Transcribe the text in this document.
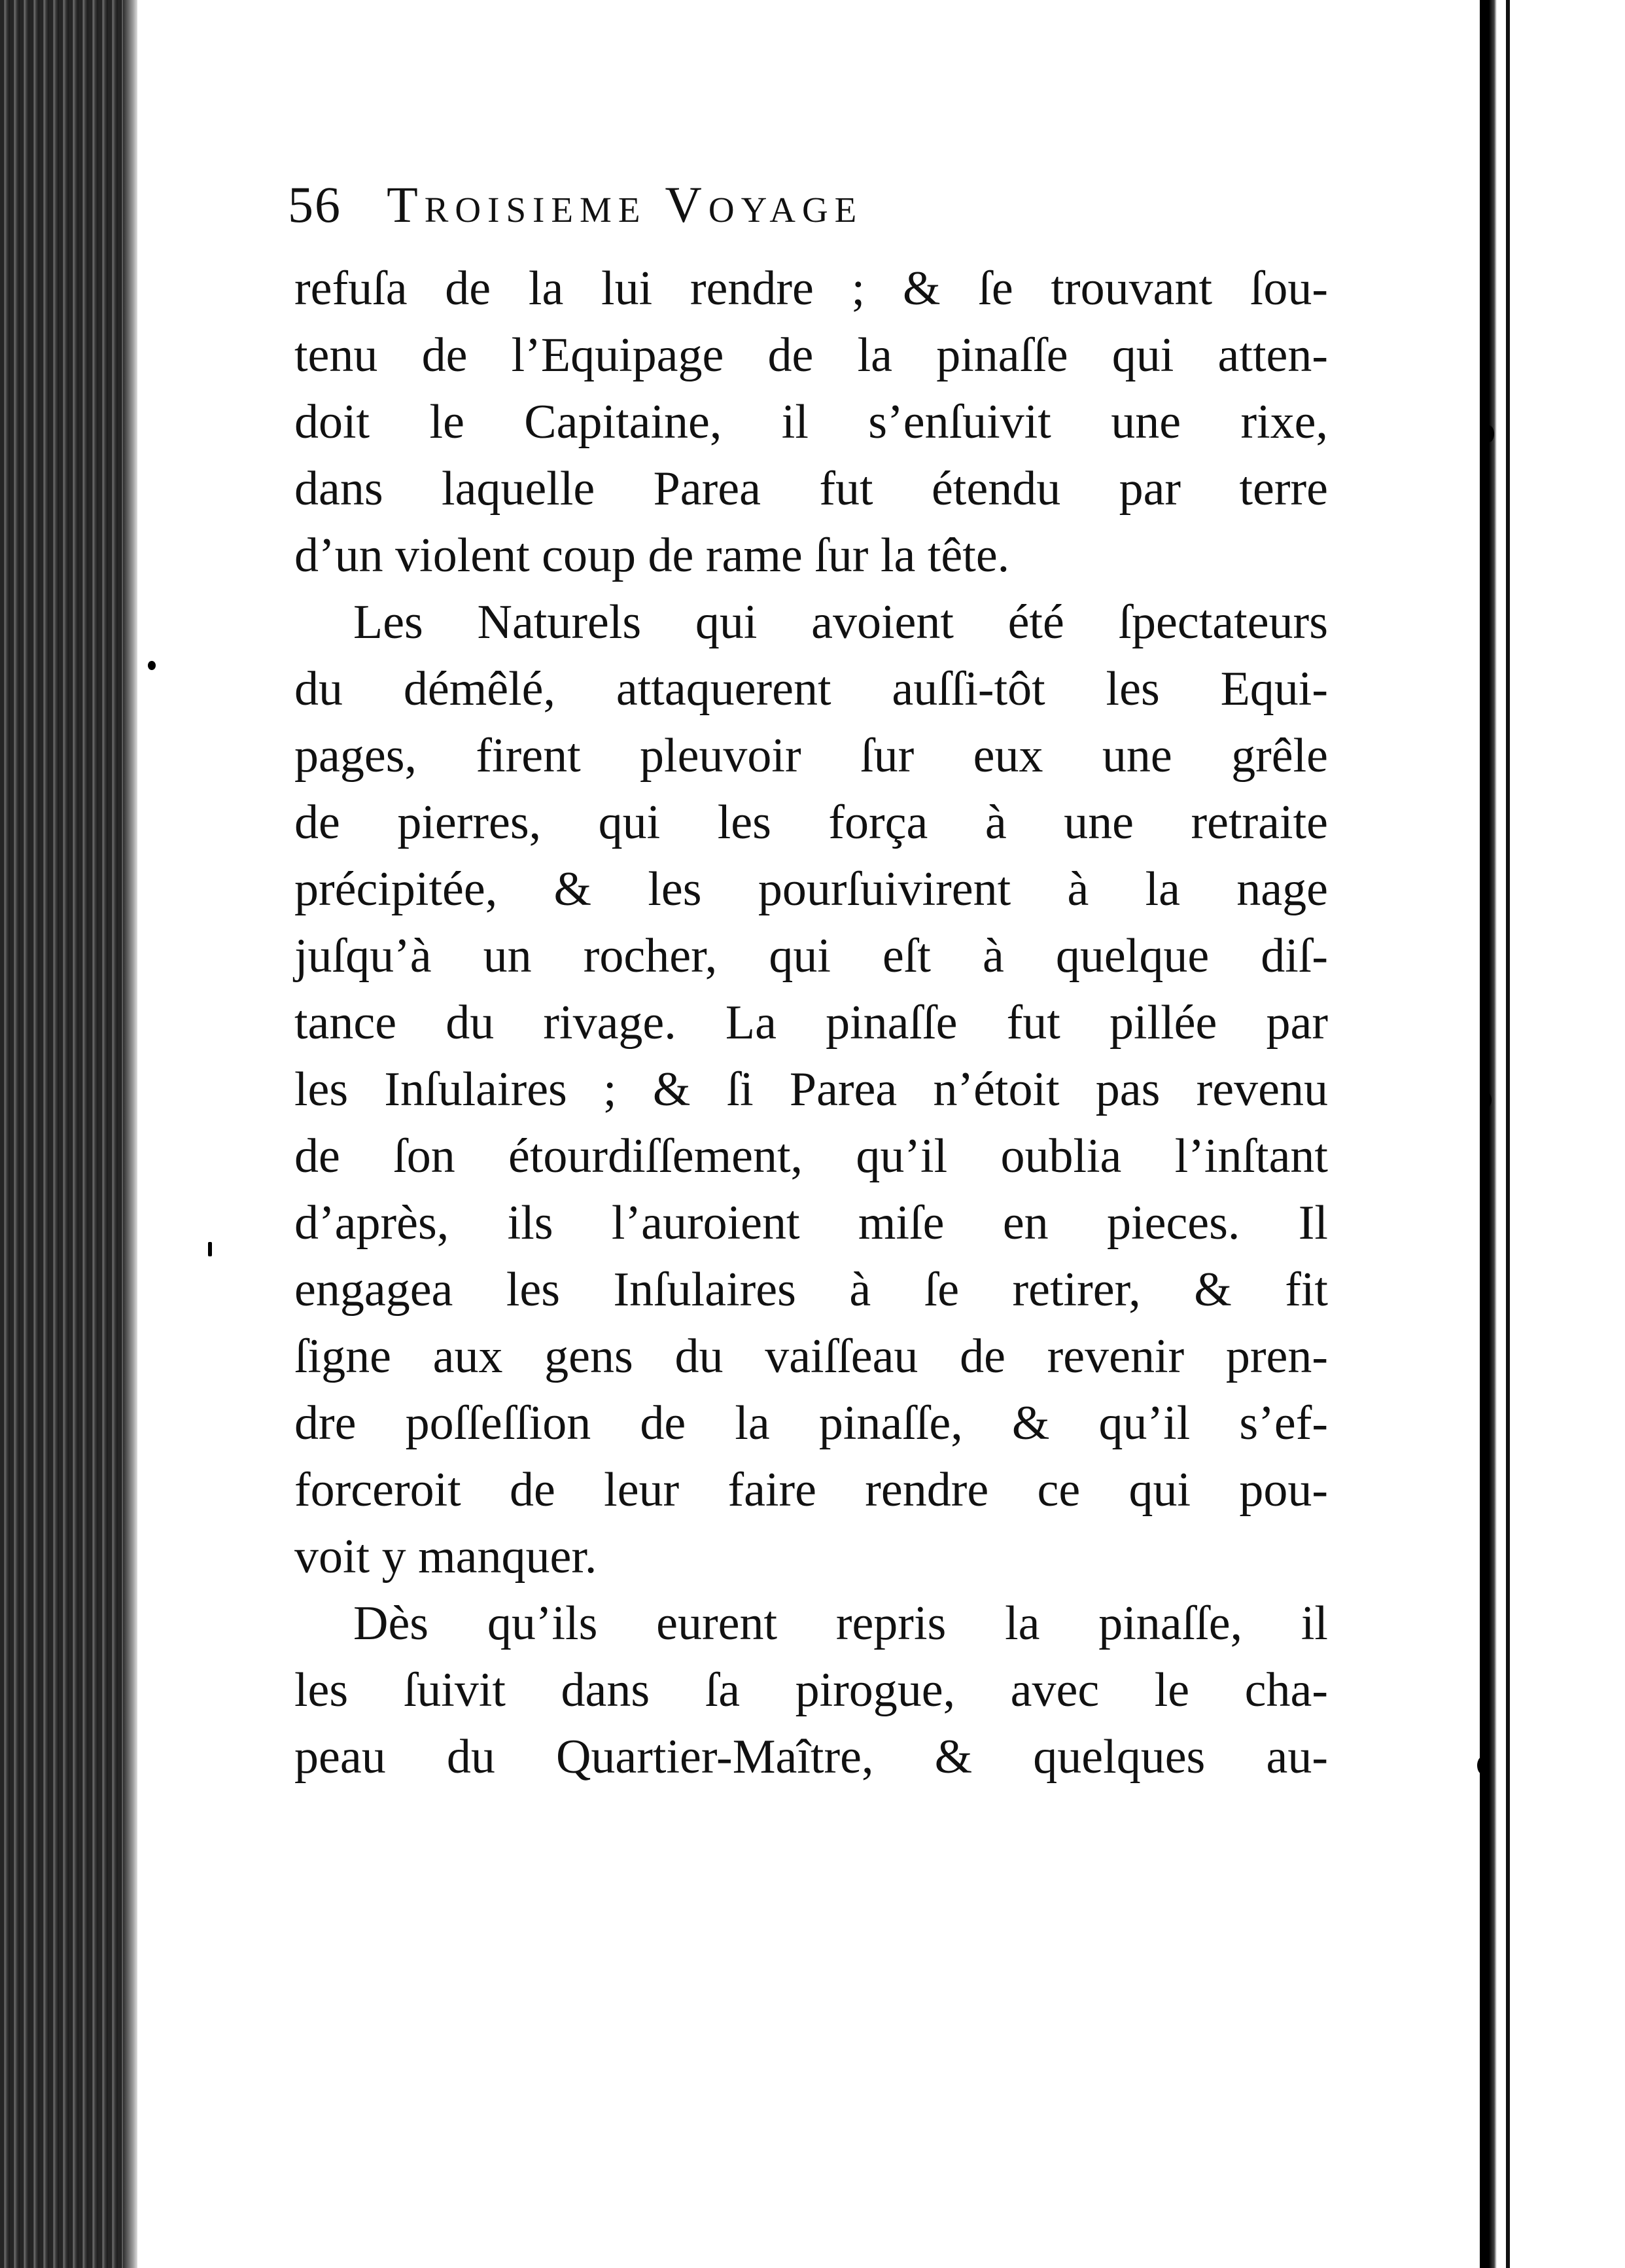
56 Troisieme Voyage
refuſa de la lui rendre ; & ſe trouvant ſou-
tenu de l’Equipage de la pinaſſe qui atten-
doit le Capitaine, il s’enſuivit une rixe,
dans laquelle Parea fut étendu par terre
d’un violent coup de rame ſur la tête.
Les Naturels qui avoient été ſpectateurs
du démêlé, attaquerent auſſi-tôt les Equi-
pages, firent pleuvoir ſur eux une grêle
de pierres, qui les força à une retraite
précipitée, & les pourſuivirent à la nage
juſqu’à un rocher, qui eſt à quelque diſ-
tance du rivage. La pinaſſe fut pillée par
les Inſulaires ; & ſi Parea n’étoit pas revenu
de ſon étourdiſſement, qu’il oublia l’inſtant
d’après, ils l’auroient miſe en pieces. Il
engagea les Inſulaires à ſe retirer, & fit
ſigne aux gens du vaiſſeau de revenir pren-
dre poſſeſſion de la pinaſſe, & qu’il s’ef-
forceroit de leur faire rendre ce qui pou-
voit y manquer.
Dès qu’ils eurent repris la pinaſſe, il
les ſuivit dans ſa pirogue, avec le cha-
peau du Quartier-Maître, & quelques au-
